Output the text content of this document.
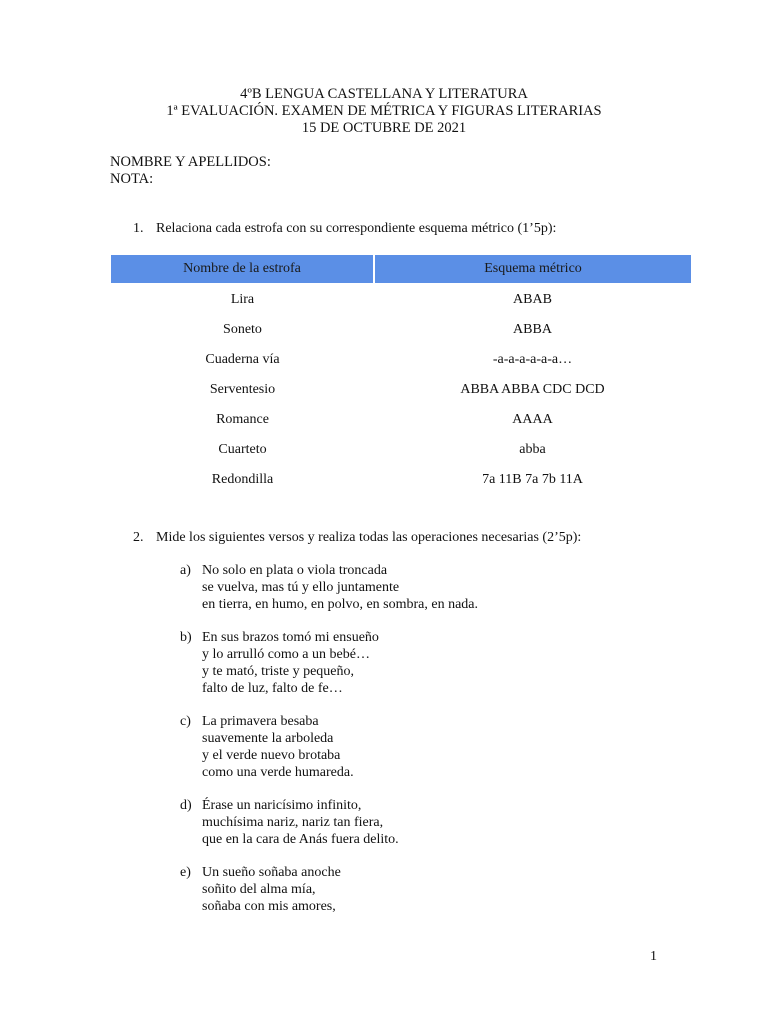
4ºB LENGUA CASTELLANA Y LITERATURA
1ª EVALUACIÓN. EXAMEN DE MÉTRICA Y FIGURAS LITERARIAS
15 DE OCTUBRE DE 2021
NOMBRE Y APELLIDOS:
NOTA:
1. Relaciona cada estrofa con su correspondiente esquema métrico (1’5p):
Nombre de la estrofa	Esquema métrico
Lira	ABAB
Soneto	ABBA
Cuaderna vía	-a-a-a-a-a-a…
Serventesio	ABBA ABBA CDC DCD
Romance	AAAA
Cuarteto	abba
Redondilla	7a 11B 7a 7b 11A
2. Mide los siguientes versos y realiza todas las operaciones necesarias (2’5p):
a) No solo en plata o viola troncada
se vuelva, mas tú y ello juntamente
en tierra, en humo, en polvo, en sombra, en nada.
b) En sus brazos tomó mi ensueño
y lo arrulló como a un bebé…
y te mató, triste y pequeño,
falto de luz, falto de fe…
c) La primavera besaba
suavemente la arboleda
y el verde nuevo brotaba
como una verde humareda.
d) Érase un naricísimo infinito,
muchísima nariz, nariz tan fiera,
que en la cara de Anás fuera delito.
e) Un sueño soñaba anoche
soñito del alma mía,
soñaba con mis amores,
1
